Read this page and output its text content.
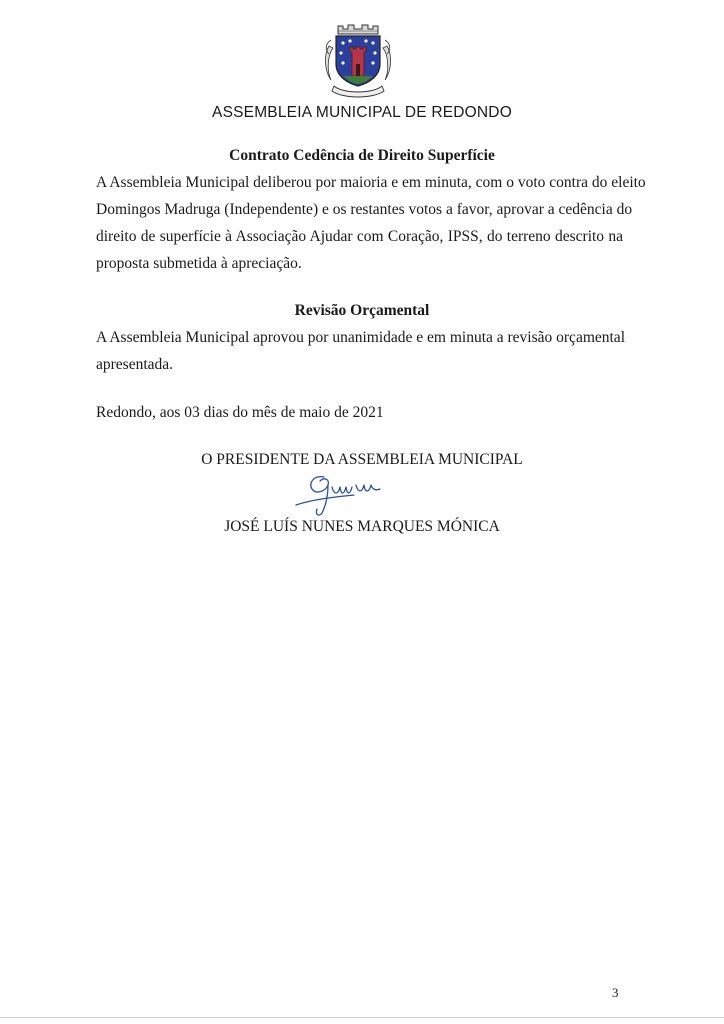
ASSEMBLEIA MUNICIPAL DE REDONDO
Contrato Cedência de Direito Superfície
A Assembleia Municipal deliberou por maioria e em minuta, com o voto contra do eleito
Domingos Madruga (Independente) e os restantes votos a favor, aprovar a cedência do
direito de superfície à Associação Ajudar com Coração, IPSS, do terreno descrito na
proposta submetida à apreciação.
Revisão Orçamental
A Assembleia Municipal aprovou por unanimidade e em minuta a revisão orçamental
apresentada.
Redondo, aos 03 dias do mês de maio de 2021
O PRESIDENTE DA ASSEMBLEIA MUNICIPAL
JOSÉ LUÍS NUNES MARQUES MÓNICA
3
